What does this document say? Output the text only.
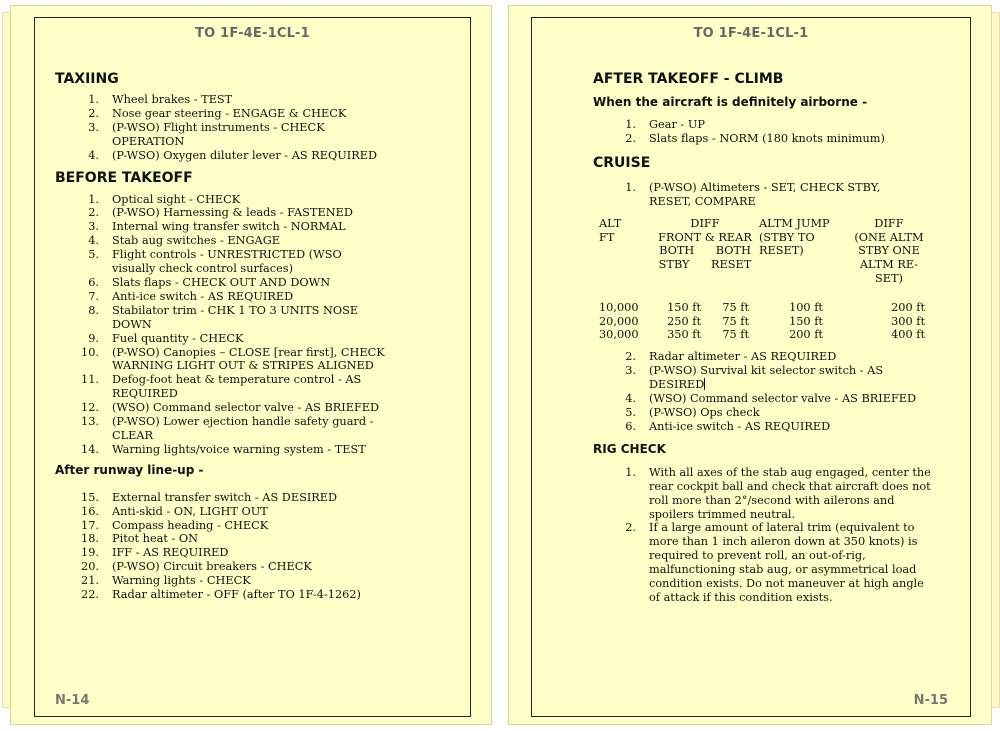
TO 1F-4E-1CL-1
TAXIING
1. Wheel brakes - TEST
2. Nose gear steering - ENGAGE & CHECK
3. (P-WSO) Flight instruments - CHECK
OPERATION
4. (P-WSO) Oxygen diluter lever - AS REQUIRED
BEFORE TAKEOFF
1. Optical sight - CHECK
2. (P-WSO) Harnessing & leads - FASTENED
3. Internal wing transfer switch - NORMAL
4. Stab aug switches - ENGAGE
5. Flight controls - UNRESTRICTED (WSO
visually check control surfaces)
6. Slats flaps - CHECK OUT AND DOWN
7. Anti-ice switch - AS REQUIRED
8. Stabilator trim - CHK 1 TO 3 UNITS NOSE
DOWN
9. Fuel quantity - CHECK
10. (P-WSO) Canopies – CLOSE [rear first], CHECK
WARNING LIGHT OUT & STRIPES ALIGNED
11. Defog-foot heat & temperature control - AS
REQUIRED
12. (WSO) Command selector valve - AS BRIEFED
13. (P-WSO) Lower ejection handle safety guard -
CLEAR
14. Warning lights/voice warning system - TEST
After runway line-up -
15. External transfer switch - AS DESIRED
16. Anti-skid - ON, LIGHT OUT
17. Compass heading - CHECK
18. Pitot heat - ON
19. IFF - AS REQUIRED
20. (P-WSO) Circuit breakers - CHECK
21. Warning lights - CHECK
22. Radar altimeter - OFF (after TO 1F-4-1262)
N-14
TO 1F-4E-1CL-1
AFTER TAKEOFF - CLIMB
When the aircraft is definitely airborne -
1. Gear - UP
2. Slats flaps - NORM (180 knots minimum)
CRUISE
1. (P-WSO) Altimeters - SET, CHECK STBY,
RESET, COMPARE
ALT
FT	DIFF
FRONT & REAR
BOTH      BOTH
STBY      RESET	ALTM JUMP
(STBY TO
RESET)	DIFF
(ONE ALTM
STBY ONE
ALTM RE-
SET)
10,000	150 ft 75 ft	100 ft	200 ft
20,000	250 ft 75 ft	150 ft	300 ft
30,000	350 ft 75 ft	200 ft	400 ft
2. Radar altimeter - AS REQUIRED
3. (P-WSO) Survival kit selector switch - AS
DESIRED
4. (WSO) Command selector valve - AS BRIEFED
5. (P-WSO) Ops check
6. Anti-ice switch - AS REQUIRED
RIG CHECK
1. With all axes of the stab aug engaged, center the
rear cockpit ball and check that aircraft does not
roll more than 2°/second with ailerons and
spoilers trimmed neutral.
2. If a large amount of lateral trim (equivalent to
more than 1 inch aileron down at 350 knots) is
required to prevent roll, an out-of-rig,
malfunctioning stab aug, or asymmetrical load
condition exists. Do not maneuver at high angle
of attack if this condition exists.
N-15
